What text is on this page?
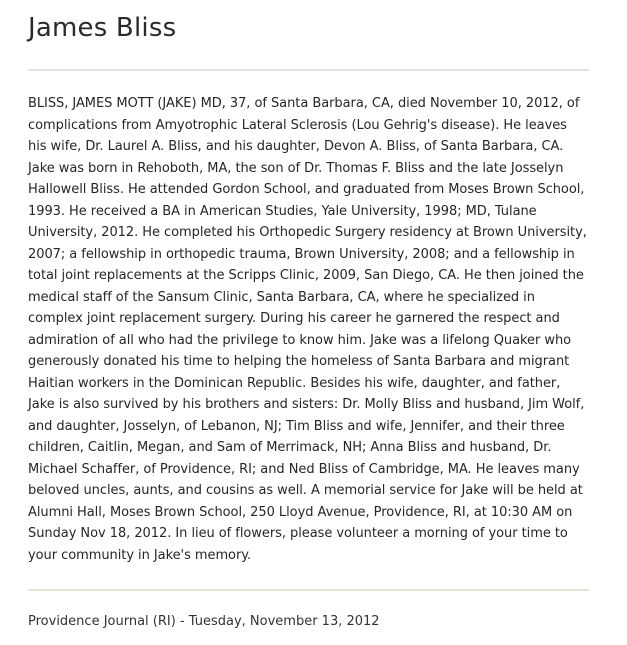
James Bliss

BLISS, JAMES MOTT (JAKE) MD, 37, of Santa Barbara, CA, died November 10, 2012, of complications from Amyotrophic Lateral Sclerosis (Lou Gehrig's disease). He leaves his wife, Dr. Laurel A. Bliss, and his daughter, Devon A. Bliss, of Santa Barbara, CA. Jake was born in Rehoboth, MA, the son of Dr. Thomas F. Bliss and the late Josselyn Hallowell Bliss. He attended Gordon School, and graduated from Moses Brown School, 1993. He received a BA in American Studies, Yale University, 1998; MD, Tulane University, 2012. He completed his Orthopedic Surgery residency at Brown University, 2007; a fellowship in orthopedic trauma, Brown University, 2008; and a fellowship in total joint replacements at the Scripps Clinic, 2009, San Diego, CA. He then joined the medical staff of the Sansum Clinic, Santa Barbara, CA, where he specialized in complex joint replacement surgery. During his career he garnered the respect and admiration of all who had the privilege to know him. Jake was a lifelong Quaker who generously donated his time to helping the homeless of Santa Barbara and migrant Haitian workers in the Dominican Republic. Besides his wife, daughter, and father, Jake is also survived by his brothers and sisters: Dr. Molly Bliss and husband, Jim Wolf, and daughter, Josselyn, of Lebanon, NJ; Tim Bliss and wife, Jennifer, and their three children, Caitlin, Megan, and Sam of Merrimack, NH; Anna Bliss and husband, Dr. Michael Schaffer, of Providence, RI; and Ned Bliss of Cambridge, MA. He leaves many beloved uncles, aunts, and cousins as well. A memorial service for Jake will be held at Alumni Hall, Moses Brown School, 250 Lloyd Avenue, Providence, RI, at 10:30 AM on Sunday Nov 18, 2012. In lieu of flowers, please volunteer a morning of your time to your community in Jake's memory.

Providence Journal (RI) - Tuesday, November 13, 2012
